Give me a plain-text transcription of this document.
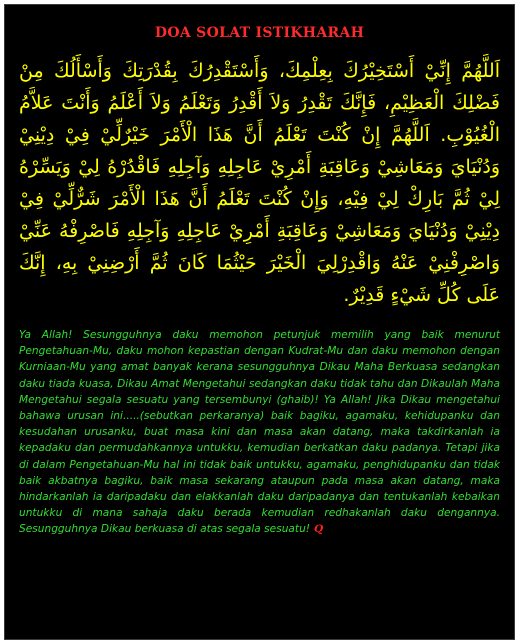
DOA SOLAT ISTIKHARAH
اَللَّهُمَّ إِنِّيْ أَسْتَخِيْرُكَ بِعِلْمِكَ، وَأَسْتَقْدِرُكَ بِقُدْرَتِكَ وَأَسْأَلُكَ مِنْ فَضْلِكَ الْعَظِيْمِ، فَإِنَّكَ تَقْدِرُ وَلاَ أَقْدِرُ وَتَعْلَمُ وَلاَ أَعْلَمُ وَأَنْتَ عَلاَّمُ الْغُيُوْبِ. اَللَّهُمَّ إِنْ كُنْتَ تَعْلَمُ أَنَّ هَذَا الْأَمْرَ خَيْرٌلِّيْ فِيْ دِيْنِيْ وَدُنْيَايَ وَمَعَاشِيْ وَعَاقِبَةِ أَمْرِيْ عَاجِلِهِ وَآجِلِهِ فَاقْدُرْهُ لِيْ وَيَسِّرْهُ لِيْ ثُمَّ بَارِكْ لِيْ فِيْهِ، وَإِنْ كُنْتَ تَعْلَمُ أَنَّ هَذَا الْأَمْرَ شَرٌّلِّيْ فِيْ دِيْنِيْ وَدُنْيَايَ وَمَعَاشِيْ وَعَاقِبَةِ أَمْرِيْ عَاجِلِهِ وَآجِلِهِ فَاصْرِفْهُ عَنِّيْ وَاصْرِفْنِيْ عَنْهُ وَاقْدِرْلِيَ الْخَيْرَ حَيْثُمَا كَانَ ثُمَّ أَرْضِنِيْ بِهِ، إِنَّكَ عَلَى كُلِّ شَيْءٍ قَدِيْرٌ.

Ya Allah! Sesungguhnya daku memohon petunjuk memilih yang baik menurut Pengetahuan-Mu, daku mohon kepastian dengan Kudrat-Mu dan daku memohon dengan Kurniaan-Mu yang amat banyak kerana sesungguhnya Dikau Maha Berkuasa sedangkan daku tiada kuasa, Dikau Amat Mengetahui sedangkan daku tidak tahu dan Dikaulah Maha Mengetahui segala sesuatu yang tersembunyi (ghaib)! Ya Allah! Jika Dikau mengetahui bahawa urusan ini.....(sebutkan perkaranya) baik bagiku, agamaku, kehidupanku dan kesudahan urusanku, buat masa kini dan masa akan datang, maka takdirkanlah ia kepadaku dan permudahkannya untukku, kemudian berkatkan daku padanya. Tetapi jika di dalam Pengetahuan-Mu hal ini tidak baik untukku, agamaku, penghidupanku dan tidak baik akbatnya bagiku, baik masa sekarang ataupun pada masa akan datang, maka hindarkanlah ia daripadaku dan elakkanlah daku daripadanya dan tentukanlah kebaikan untukku di mana sahaja daku berada kemudian redhakanlah daku dengannya. Sesungguhnya Dikau berkuasa di atas segala sesuatu! Q
